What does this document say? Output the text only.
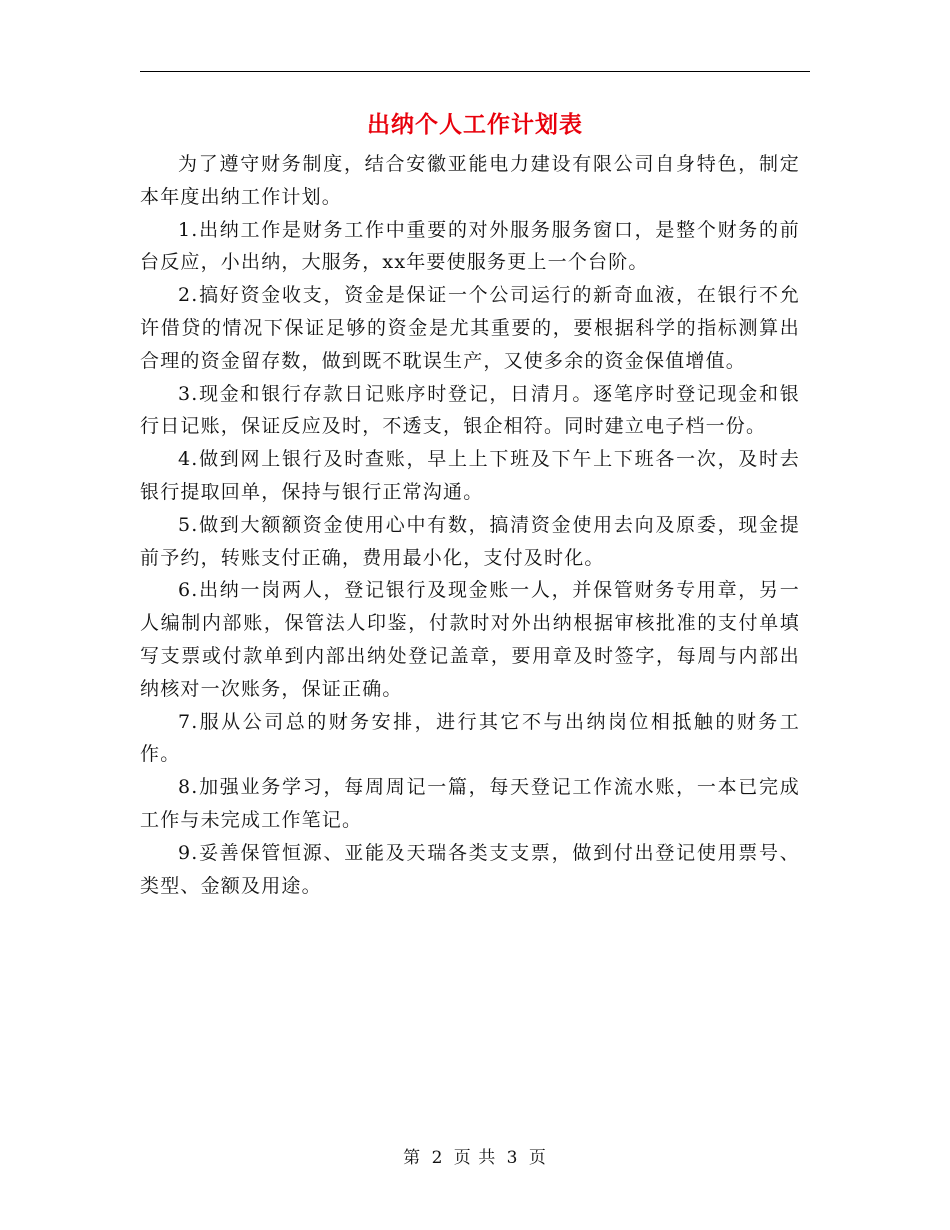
出纳个人工作计划表

为了遵守财务制度，结合安徽亚能电力建设有限公司自身特色，制定本年度出纳工作计划。

1.出纳工作是财务工作中重要的对外服务服务窗口，是整个财务的前台反应，小出纳，大服务，xx年要使服务更上一个台阶。

2.搞好资金收支，资金是保证一个公司运行的新奇血液，在银行不允许借贷的情况下保证足够的资金是尤其重要的，要根据科学的指标测算出合理的资金留存数，做到既不耽误生产，又使多余的资金保值增值。

3.现金和银行存款日记账序时登记，日清月。逐笔序时登记现金和银行日记账，保证反应及时，不透支，银企相符。同时建立电子档一份。

4.做到网上银行及时查账，早上上下班及下午上下班各一次，及时去银行提取回单，保持与银行正常沟通。

5.做到大额额资金使用心中有数，搞清资金使用去向及原委，现金提前予约，转账支付正确，费用最小化，支付及时化。

6.出纳一岗两人，登记银行及现金账一人，并保管财务专用章，另一人编制内部账，保管法人印鉴，付款时对外出纳根据审核批准的支付单填写支票或付款单到内部出纳处登记盖章，要用章及时签字，每周与内部出纳核对一次账务，保证正确。

7.服从公司总的财务安排，进行其它不与出纳岗位相抵触的财务工作。

8.加强业务学习，每周周记一篇，每天登记工作流水账，一本已完成工作与未完成工作笔记。

9.妥善保管恒源、亚能及天瑞各类支支票，做到付出登记使用票号、类型、金额及用途。

第 2 页 共 3 页
